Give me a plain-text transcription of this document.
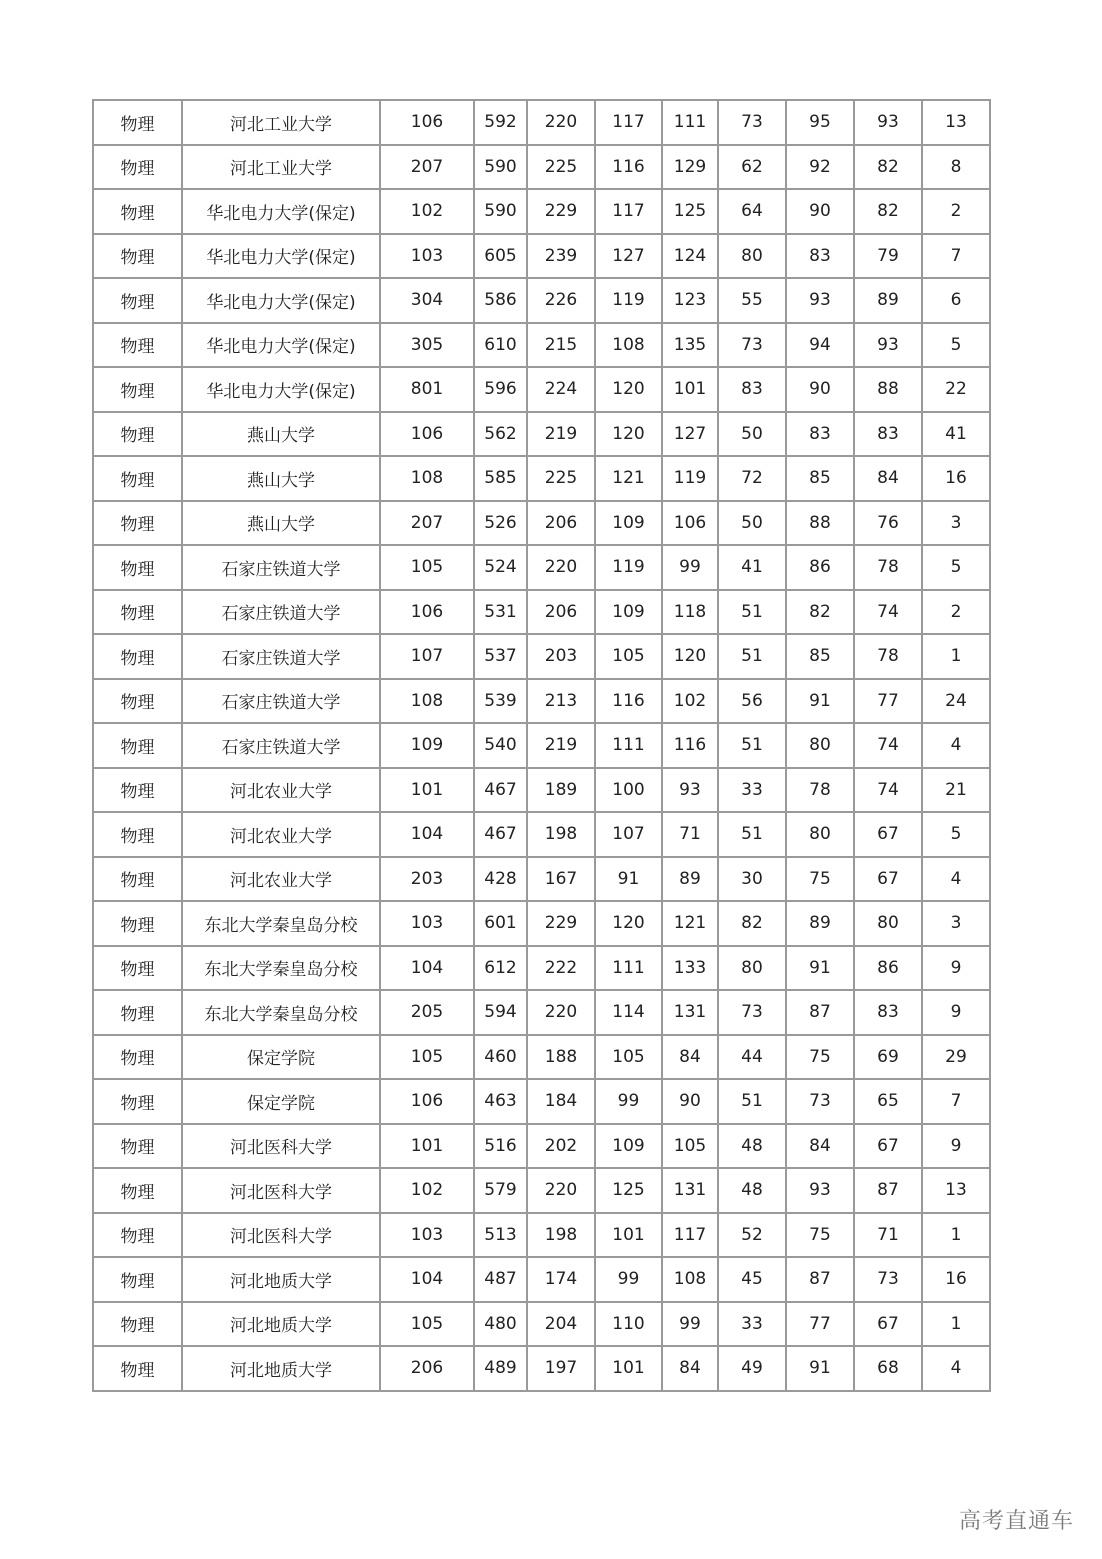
物理	河北工业大学	106	592	220	117	111	73	95	93	13
物理	河北工业大学	207	590	225	116	129	62	92	82	8
物理	华北电力大学(保定)	102	590	229	117	125	64	90	82	2
物理	华北电力大学(保定)	103	605	239	127	124	80	83	79	7
物理	华北电力大学(保定)	304	586	226	119	123	55	93	89	6
物理	华北电力大学(保定)	305	610	215	108	135	73	94	93	5
物理	华北电力大学(保定)	801	596	224	120	101	83	90	88	22
物理	燕山大学	106	562	219	120	127	50	83	83	41
物理	燕山大学	108	585	225	121	119	72	85	84	16
物理	燕山大学	207	526	206	109	106	50	88	76	3
物理	石家庄铁道大学	105	524	220	119	99	41	86	78	5
物理	石家庄铁道大学	106	531	206	109	118	51	82	74	2
物理	石家庄铁道大学	107	537	203	105	120	51	85	78	1
物理	石家庄铁道大学	108	539	213	116	102	56	91	77	24
物理	石家庄铁道大学	109	540	219	111	116	51	80	74	4
物理	河北农业大学	101	467	189	100	93	33	78	74	21
物理	河北农业大学	104	467	198	107	71	51	80	67	5
物理	河北农业大学	203	428	167	91	89	30	75	67	4
物理	东北大学秦皇岛分校	103	601	229	120	121	82	89	80	3
物理	东北大学秦皇岛分校	104	612	222	111	133	80	91	86	9
物理	东北大学秦皇岛分校	205	594	220	114	131	73	87	83	9
物理	保定学院	105	460	188	105	84	44	75	69	29
物理	保定学院	106	463	184	99	90	51	73	65	7
物理	河北医科大学	101	516	202	109	105	48	84	67	9
物理	河北医科大学	102	579	220	125	131	48	93	87	13
物理	河北医科大学	103	513	198	101	117	52	75	71	1
物理	河北地质大学	104	487	174	99	108	45	87	73	16
物理	河北地质大学	105	480	204	110	99	33	77	67	1
物理	河北地质大学	206	489	197	101	84	49	91	68	4
高考直通车
